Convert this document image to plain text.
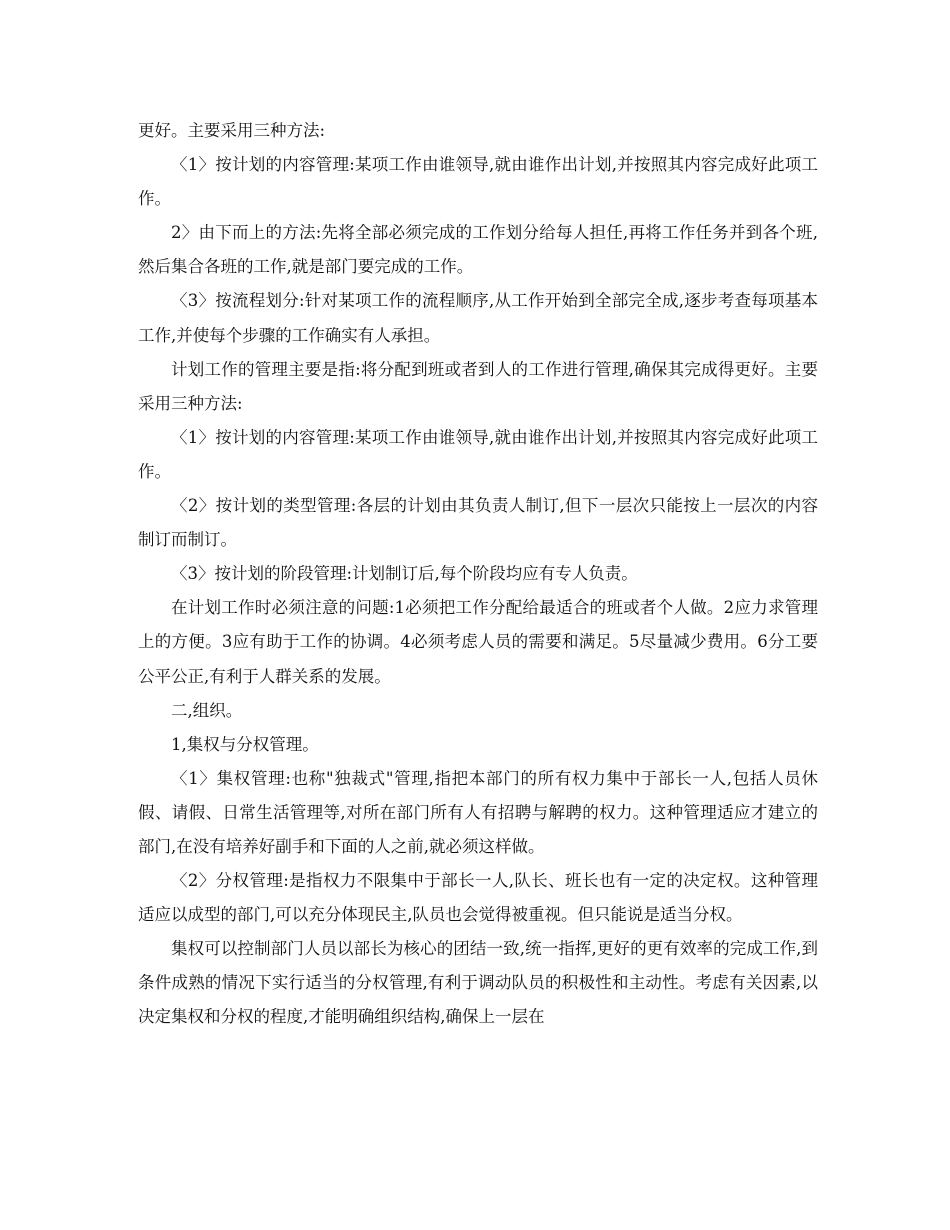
更好。主要采用三种方法:

〈1〉按计划的内容管理:某项工作由谁领导,就由谁作出计划,并按照其内容完成好此项工作。

2〉由下而上的方法:先将全部必须完成的工作划分给每人担任,再将工作任务并到各个班,然后集合各班的工作,就是部门要完成的工作。

〈3〉按流程划分:针对某项工作的流程顺序,从工作开始到全部完全成,逐步考查每项基本工作,并使每个步骤的工作确实有人承担。

计划工作的管理主要是指:将分配到班或者到人的工作进行管理,确保其完成得更好。主要采用三种方法:

〈1〉按计划的内容管理:某项工作由谁领导,就由谁作出计划,并按照其内容完成好此项工作。

〈2〉按计划的类型管理:各层的计划由其负责人制订,但下一层次只能按上一层次的内容制订而制订。

〈3〉按计划的阶段管理:计划制订后,每个阶段均应有专人负责。

在计划工作时必须注意的问题:1必须把工作分配给最适合的班或者个人做。2应力求管理上的方便。3应有助于工作的协调。4必须考虑人员的需要和满足。5尽量减少费用。6分工要公平公正,有利于人群关系的发展。

二,组织。

1,集权与分权管理。

〈1〉集权管理:也称"独裁式"管理,指把本部门的所有权力集中于部长一人,包括人员休假、请假、日常生活管理等,对所在部门所有人有招聘与解聘的权力。这种管理适应才建立的部门,在没有培养好副手和下面的人之前,就必须这样做。

〈2〉分权管理:是指权力不限集中于部长一人,队长、班长也有一定的决定权。这种管理适应以成型的部门,可以充分体现民主,队员也会觉得被重视。但只能说是适当分权。

集权可以控制部门人员以部长为核心的团结一致,统一指挥,更好的更有效率的完成工作,到条件成熟的情况下实行适当的分权管理,有利于调动队员的积极性和主动性。考虑有关因素,以决定集权和分权的程度,才能明确组织结构,确保上一层在
